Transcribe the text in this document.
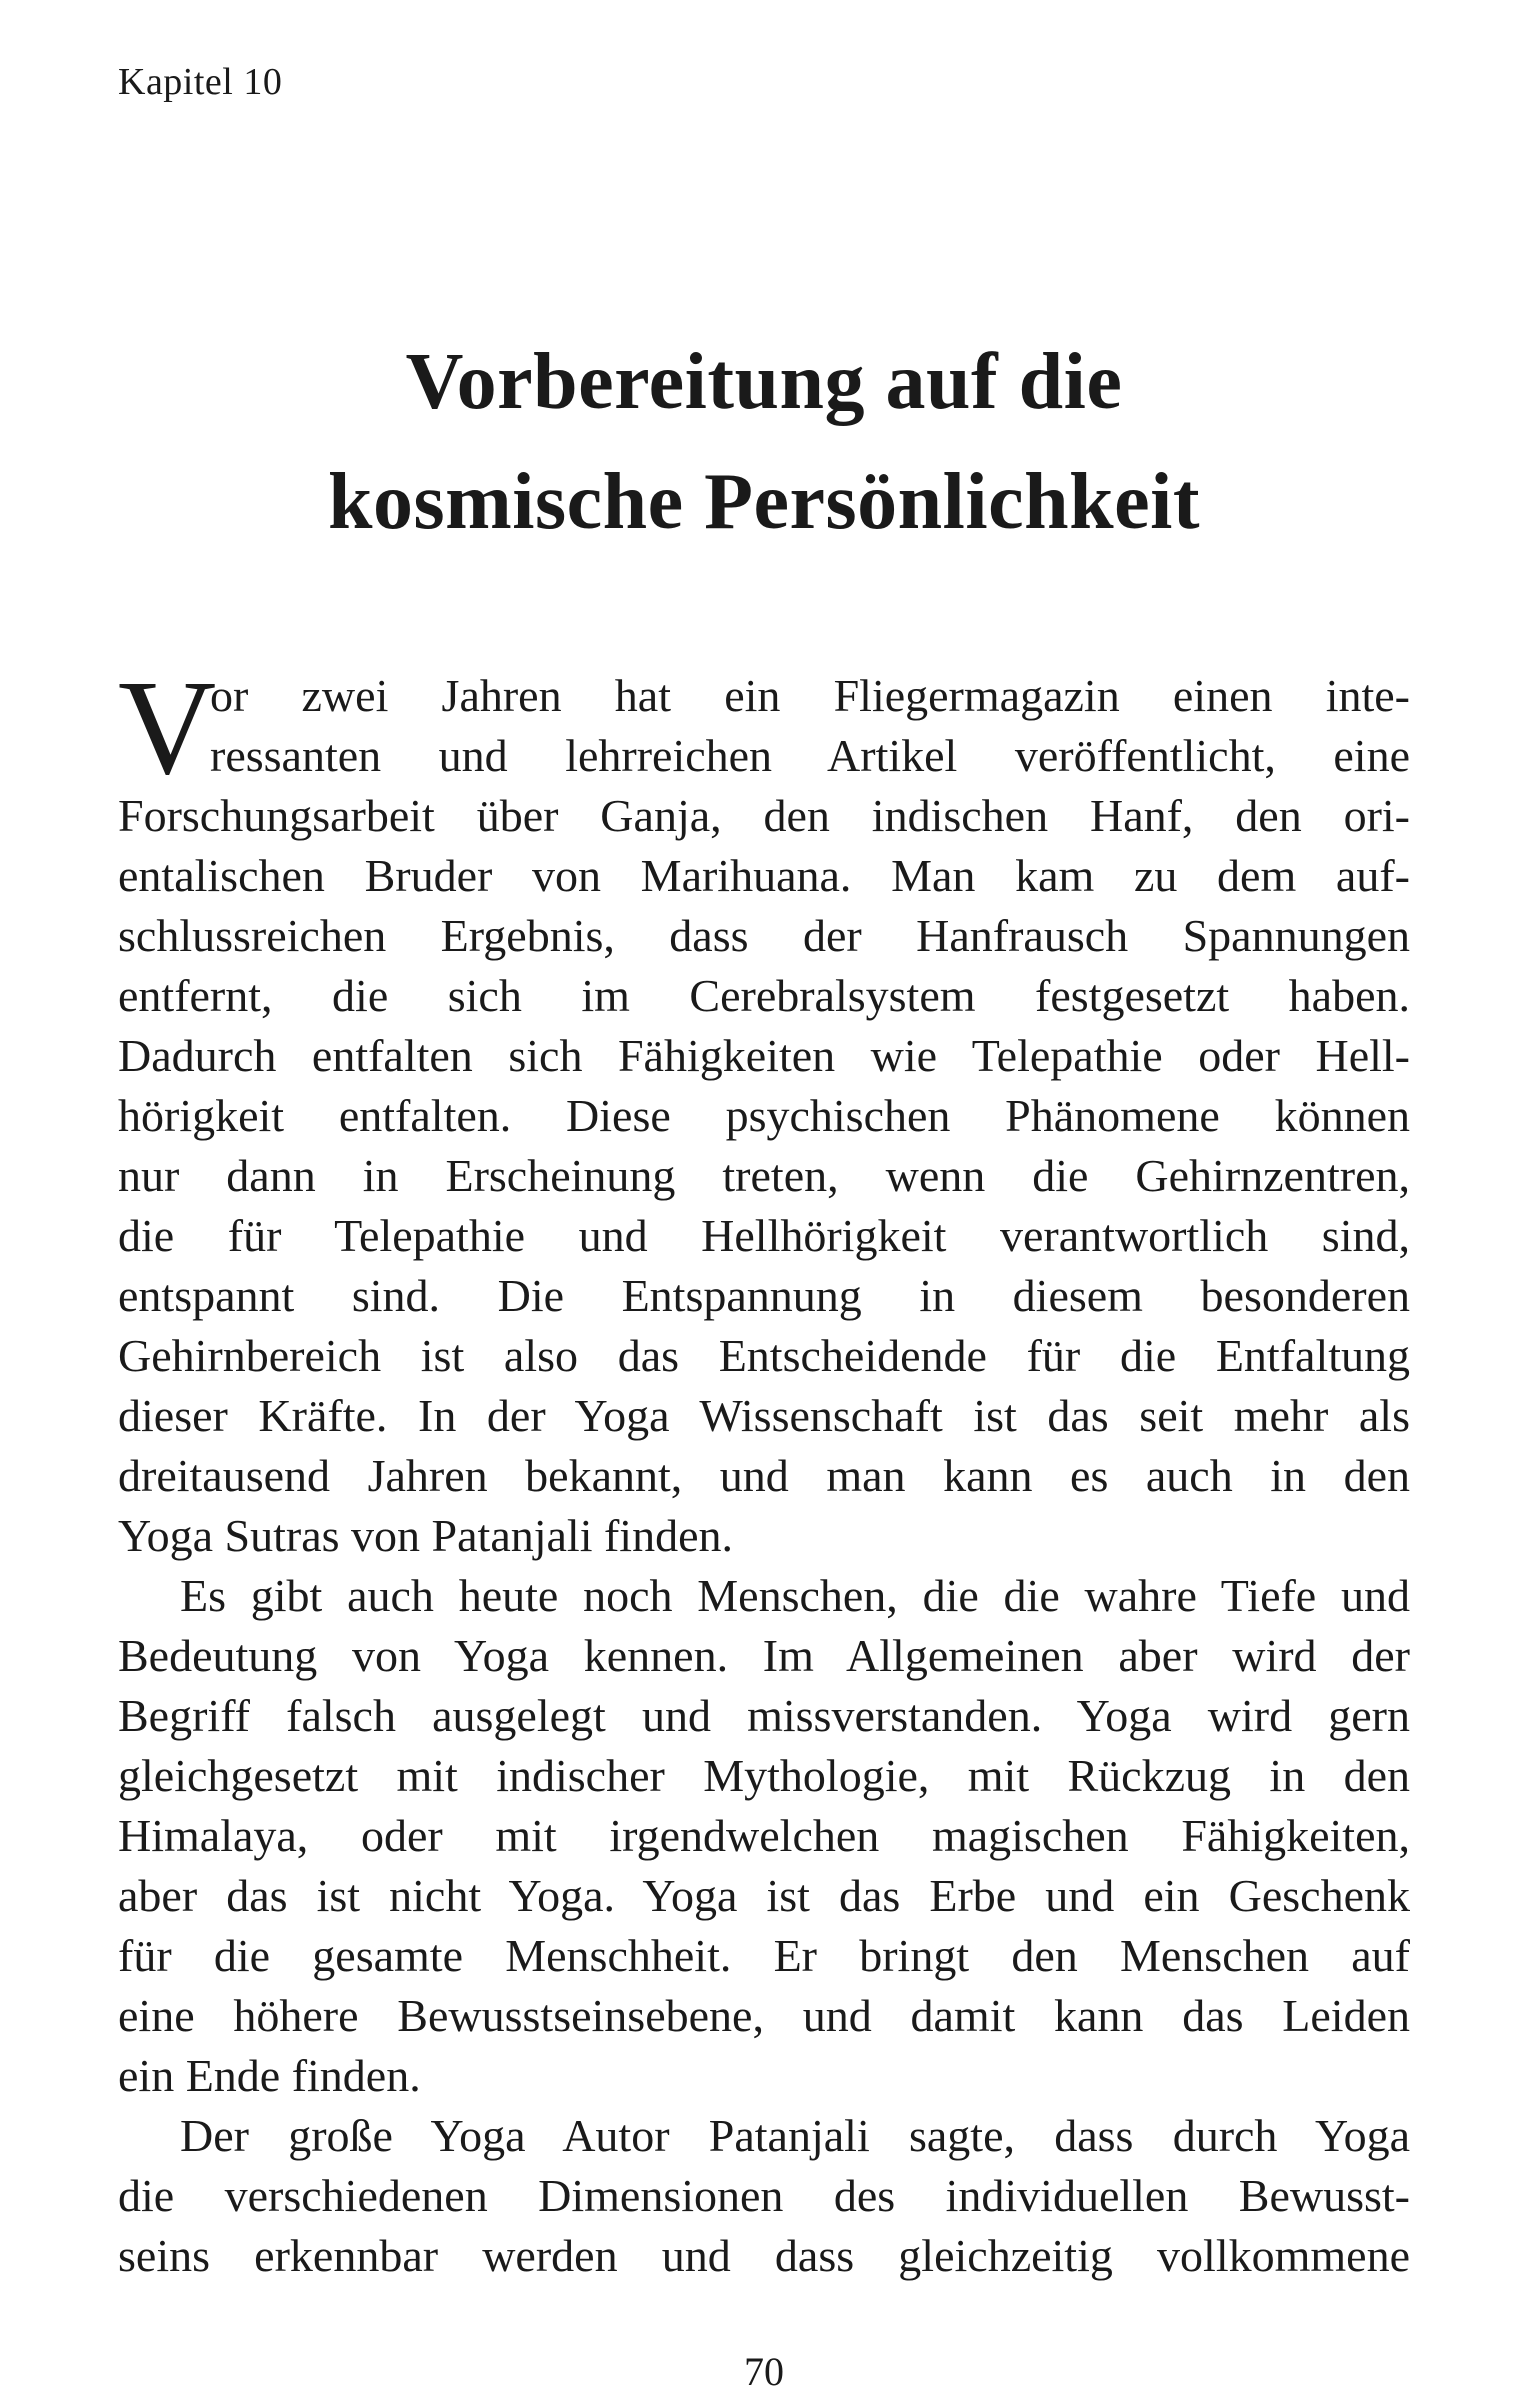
Kapitel 10
Vorbereitung auf die
kosmische Persönlichkeit
V
or zwei Jahren hat ein Fliegermagazin einen inte-
ressanten und lehrreichen Artikel veröffentlicht, eine
Forschungsarbeit über Ganja, den indischen Hanf, den ori-
entalischen Bruder von Marihuana. Man kam zu dem auf-
schlussreichen Ergebnis, dass der Hanfrausch Spannungen
entfernt, die sich im Cerebralsystem festgesetzt haben.
Dadurch entfalten sich Fähigkeiten wie Telepathie oder Hell-
hörigkeit entfalten. Diese psychischen Phänomene können
nur dann in Erscheinung treten, wenn die Gehirnzentren,
die für Telepathie und Hellhörigkeit verantwortlich sind,
entspannt sind. Die Entspannung in diesem besonderen
Gehirnbereich ist also das Entscheidende für die Entfaltung
dieser Kräfte. In der Yoga Wissenschaft ist das seit mehr als
dreitausend Jahren bekannt, und man kann es auch in den
Yoga Sutras von Patanjali finden.
Es gibt auch heute noch Menschen, die die wahre Tiefe und
Bedeutung von Yoga kennen. Im Allgemeinen aber wird der
Begriff falsch ausgelegt und missverstanden. Yoga wird gern
gleichgesetzt mit indischer Mythologie, mit Rückzug in den
Himalaya, oder mit irgendwelchen magischen Fähigkeiten,
aber das ist nicht Yoga. Yoga ist das Erbe und ein Geschenk
für die gesamte Menschheit. Er bringt den Menschen auf
eine höhere Bewusstseinsebene, und damit kann das Leiden
ein Ende finden.
Der große Yoga Autor Patanjali sagte, dass durch Yoga
die verschiedenen Dimensionen des individuellen Bewusst-
seins erkennbar werden und dass gleichzeitig vollkommene
70
